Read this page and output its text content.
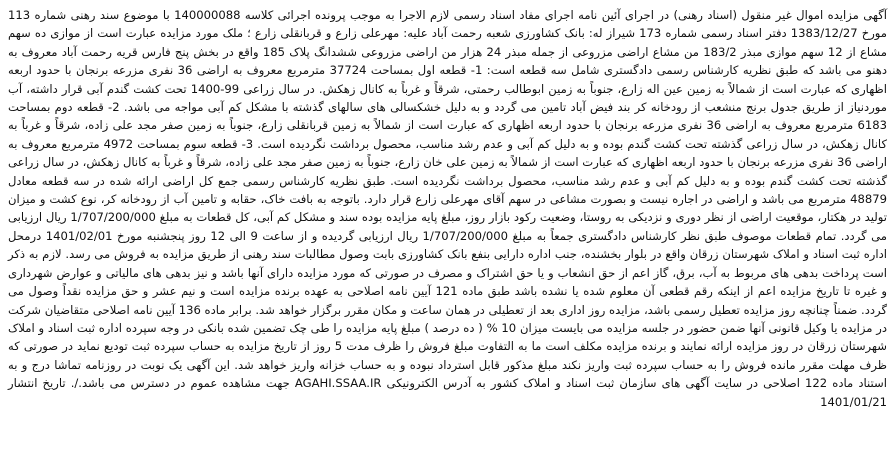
آگهی مزایده اموال غیر منقول (اسناد رهنی) در اجرای آئین نامه اجرای مفاد اسناد رسمی لازم الاجرا به موجب پرونده اجرائی کلاسه 140000088 با موضوع سند رهنی شماره 113 مورخ 1383/12/27 دفتر اسناد رسمی شماره 173 شیراز له: بانک کشاورزی شعبه رحمت آباد علیه: مهرعلی زارع و قربانقلی زارع ؛ ملک مورد مزایده عبارت است از موازی ده سهم مشاع از 12 سهم موازی مبذر 183/2 من مشاع اراضی مزروعی از جمله مبذر 24 هزار من اراضی مزروعی ششدانگ پلاک 185 واقع در بخش پنج فارس قریه رحمت آباد معروف به دهنو می باشد که طبق نظریه کارشناس رسمی دادگستری شامل سه قطعه است: 1- قطعه اول بمساحت 37724 مترمربع معروف به اراضی 36 نفری مزرعه برنجان با حدود اربعه اظهاری که عبارت است از شمالاً به زمین عین اله زارع، جنوباً به زمین ابوطالب رحمتی، شرقاً و غرباً به کانال زهکش. در سال زراعی 99-1400 تحت کشت گندم آبی قرار داشته، آب موردنیاز از طریق جدول برنج منشعب از رودخانه کر بند فیض آباد تامین می گردد و به دلیل خشکسالی های سالهای گذشته با مشکل کم آبی مواجه می باشد. 2- قطعه دوم بمساحت 6183 مترمربع معروف به اراضی 36 نفری مزرعه برنجان با حدود اربعه اظهاری که عبارت است از شمالاً به زمین قربانقلی زارع، جنوباً به زمین صفر مجد علی زاده، شرقاً و غرباً به کانال زهکش، در سال زراعی گذشته تحت کشت گندم بوده و به دلیل کم آبی و عدم رشد مناسب، محصول برداشت نگردیده است. 3- قطعه سوم بمساحت 4972 مترمربع معروف به اراضی 36 نفری مزرعه برنجان با حدود اربعه اظهاری که عبارت است از شمالاً به زمین علی خان زارع، جنوباً به زمین صفر مجد علی زاده، شرقاً و غرباً به کانال زهکش، در سال زراعی گذشته تحت کشت گندم بوده و به دلیل کم آبی و عدم رشد مناسب، محصول برداشت نگردیده است. طبق نظریه کارشناس رسمی جمع کل اراضی ارائه شده در سه قطعه معادل 48879 مترمربع می باشد و اراضی در اجاره نیست و بصورت مشاعی در سهم آقای مهرعلی زارع قرار دارد. باتوجه به بافت خاک، حقابه و تامین آب از رودخانه کر، نوع کشت و میزان تولید در هکتار، موقعیت اراضی از نظر دوری و نزدیکی به روستا، وضعیت رکود بازار روز، مبلغ پایه مزایده بوده سند و مشکل کم آبی، کل قطعات به مبلغ 1/707/200/000 ریال ارزیابی می گردد. تمام قطعات موصوف طبق نظر کارشناس دادگستری جمعاً به مبلغ 1/707/200/000 ریال ارزیابی گردیده و از ساعت 9 الی 12 روز پنجشنبه مورخ 1401/02/01 درمحل اداره ثبت اسناد و املاک شهرستان زرقان واقع در بلوار بخشنده، جنب اداره دارایی بنفع بانک کشاورزی بابت وصول مطالبات سند رهنی از طریق مزایده به فروش می رسد. لازم به ذکر است پرداخت بدهی های مربوط به آب، برق، گاز اعم از حق انشعاب و یا حق اشتراک و مصرف در صورتی که مورد مزایده دارای آنها باشد و نیز بدهی های مالیاتی و عوارض شهرداری و غیره تا تاریخ مزایده اعم از اینکه رقم قطعی آن معلوم شده یا نشده باشد طبق ماده 121 آیین نامه اصلاحی به عهده برنده مزایده است و نیم عشر و حق مزایده نقداً وصول می گردد. ضمناً چنانچه روز مزایده تعطیل رسمی باشد، مزایده روز اداری بعد از تعطیلی در همان ساعت و مکان مقرر برگزار خواهد شد. برابر ماده 136 آیین نامه اصلاحی متقاضیان شرکت در مزایده یا وکیل قانونی آنها ضمن حضور در جلسه مزایده می بایست میزان 10 % ( ده درصد ) مبلغ پایه مزایده را طی چک تضمین شده بانکی در وجه سپرده اداره ثبت اسناد و املاک شهرستان زرقان در روز مزایده ارائه نمایند و برنده مزایده مکلف است ما به التفاوت مبلغ فروش را ظرف مدت 5 روز از تاریخ مزایده به حساب سپرده ثبت تودیع نماید در صورتی که ظرف مهلت مقرر مانده فروش را به حساب سپرده ثبت واریز نکند مبلغ مذکور قابل استرداد نبوده و به حساب خزانه واریز خواهد شد. این آگهی یک نوبت در روزنامه تماشا درج و به استناد ماده 122 اصلاحی در سایت آگهی های سازمان ثبت اسناد و املاک کشور به آدرس الکترونیکی AGAHI.SSAA.IR جهت مشاهده عموم در دسترس می باشد./. تاریخ انتشار 1401/01/21
